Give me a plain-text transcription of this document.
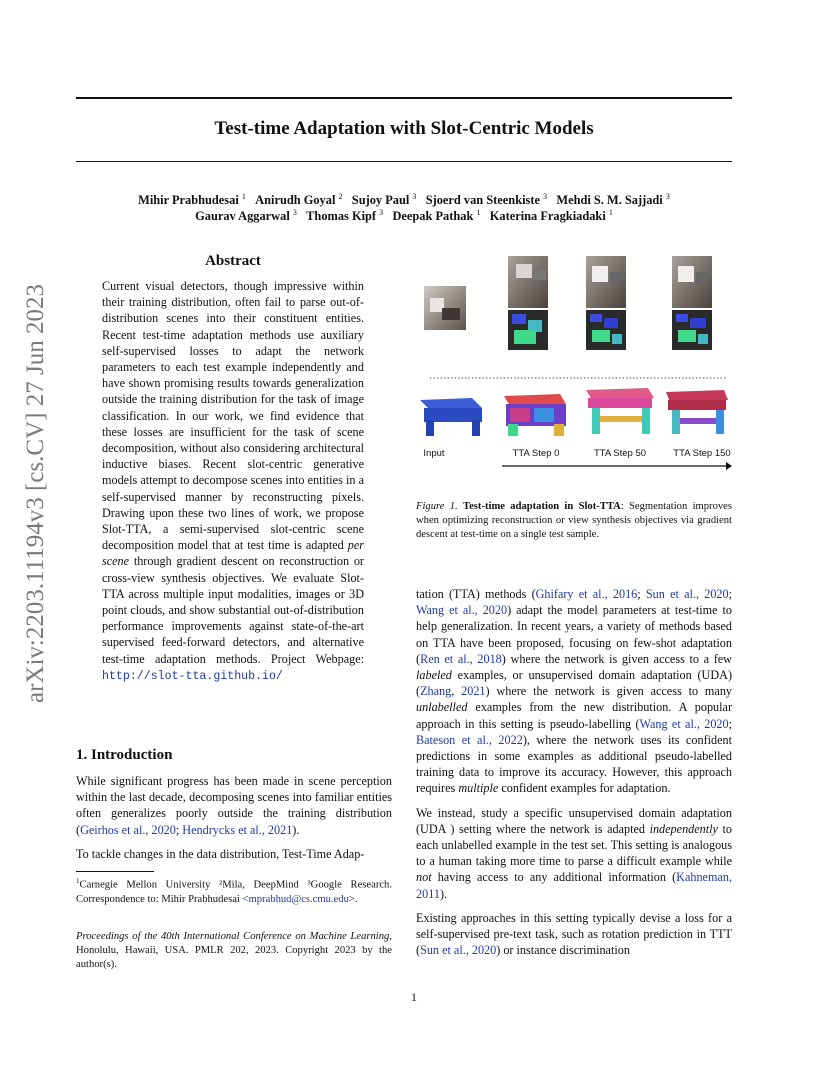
arXiv:2203.11194v3 [cs.CV] 27 Jun 2023
Test-time Adaptation with Slot-Centric Models
Mihir Prabhudesai $^1$ Anirudh Goyal $^2$ Sujoy Paul $^3$ Sjoerd van Steenkiste $^3$ Mehdi S. M. Sajjadi $^3$
Gaurav Aggarwal $^3$ Thomas Kipf $^3$ Deepak Pathak $^1$ Katerina Fragkiadaki $^1$
Abstract
Current visual detectors, though impressive within their training distribution, often fail to parse out-of-distribution scenes into their constituent entities. Recent test-time adaptation methods use auxiliary self-supervised losses to adapt the network parameters to each test example independently and have shown promising results towards generalization outside the training distribution for the task of image classification. In our work, we find evidence that these losses are insufficient for the task of scene decomposition, without also considering architectural inductive biases. Recent slot-centric generative models attempt to decompose scenes into entities in a self-supervised manner by reconstructing pixels. Drawing upon these two lines of work, we propose Slot-TTA, a semi-supervised slot-centric scene decomposition model that at test time is adapted per scene through gradient descent on reconstruction or cross-view synthesis objectives. We evaluate Slot-TTA across multiple input modalities, images or 3D point clouds, and show substantial out-of-distribution performance improvements against state-of-the-art supervised feed-forward detectors, and alternative test-time adaptation methods. Project Webpage: http://slot-tta.github.io/
1. Introduction

While significant progress has been made in scene perception within the last decade, decomposing scenes into familiar entities often generalizes poorly outside the training distribution (Geirhos et al., 2020; Hendrycks et al., 2021).

To tackle changes in the data distribution, Test-Time Adap-

$^1$Carnegie Mellon University ²Mila, DeepMind ³Google Research. Correspondence to: Mihir Prabhudesai <mprabhud@cs.cmu.edu>.
Proceedings of the 40th International Conference on Machine Learning, Honolulu, Hawaii, USA. PMLR 202, 2023. Copyright 2023 by the author(s).
Input	TTA Step 0	TTA Step 50	TTA Step 150
Figure 1. Test-time adaptation in Slot-TTA: Segmentation improves when optimizing reconstruction or view synthesis objectives via gradient descent at test-time on a single test sample.

tation (TTA) methods (Ghifary et al., 2016; Sun et al., 2020; Wang et al., 2020) adapt the model parameters at test-time to help generalization. In recent years, a variety of methods based on TTA have been proposed, focusing on few-shot adaptation (Ren et al., 2018) where the network is given access to a few labeled examples, or unsupervised domain adaptation (UDA) (Zhang, 2021) where the network is given access to many unlabelled examples from the new distribution. A popular approach in this setting is pseudo-labelling (Wang et al., 2020; Bateson et al., 2022), where the network uses its confident predictions in some examples as additional pseudo-labelled training data to improve its accuracy. However, this approach requires multiple confident examples for adaptation.

We instead, study a specific unsupervised domain adaptation (UDA ) setting where the network is adapted independently to each unlabelled example in the test set. This setting is analogous to a human taking more time to parse a difficult example while not having access to any additional information (Kahneman, 2011).

Existing approaches in this setting typically devise a loss for a self-supervised pre-text task, such as rotation prediction in TTT (Sun et al., 2020) or instance discrimination

1
